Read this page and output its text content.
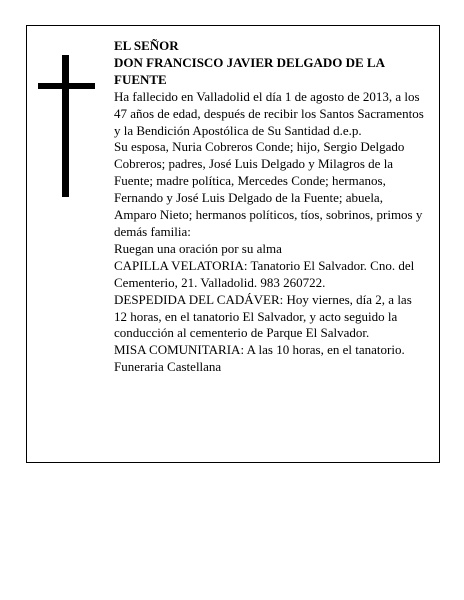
EL SEÑOR

DON FRANCISCO JAVIER DELGADO DE LA FUENTE

Ha fallecido en Valladolid el día 1 de agosto de 2013, a los 47 años de edad, después de recibir los Santos Sacramentos y la Bendición Apostólica de Su Santidad d.e.p.

Su esposa, Nuria Cobreros Conde; hijo, Sergio Delgado Cobreros; padres, José Luis Delgado y Milagros de la Fuente; madre política, Mercedes Conde; hermanos, Fernando y José Luis Delgado de la Fuente; abuela, Amparo Nieto; hermanos políticos, tíos, sobrinos, primos y demás familia:

Ruegan una oración por su alma

CAPILLA VELATORIA: Tanatorio El Salvador. Cno. del Cementerio, 21. Valladolid. 983 260722.

DESPEDIDA DEL CADÁVER: Hoy viernes, día 2, a las 12 horas, en el tanatorio El Salvador, y acto seguido la conducción al cementerio de Parque El Salvador.

MISA COMUNITARIA: A las 10 horas, en el tanatorio.

Funeraria Castellana
